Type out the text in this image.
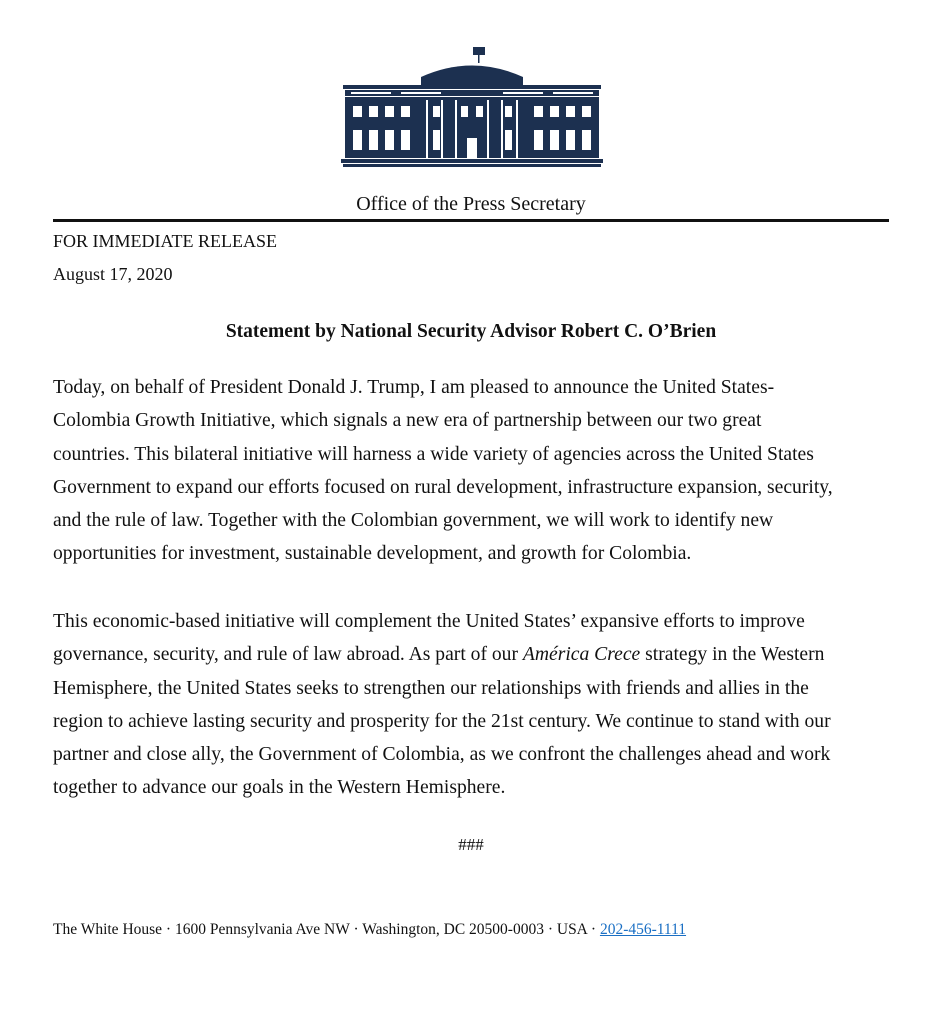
Office of the Press Secretary
FOR IMMEDIATE RELEASE
August 17, 2020
Statement by National Security Advisor Robert C. O’Brien

Today, on behalf of President Donald J. Trump, I am pleased to announce the United States-
Colombia Growth Initiative, which signals a new era of partnership between our two great
countries. This bilateral initiative will harness a wide variety of agencies across the United States
Government to expand our efforts focused on rural development, infrastructure expansion, security,
and the rule of law. Together with the Colombian government, we will work to identify new
opportunities for investment, sustainable development, and growth for Colombia.

This economic-based initiative will complement the United States’ expansive efforts to improve
governance, security, and rule of law abroad. As part of our América Crece strategy in the Western
Hemisphere, the United States seeks to strengthen our relationships with friends and allies in the
region to achieve lasting security and prosperity for the 21st century. We continue to stand with our
partner and close ally, the Government of Colombia, as we confront the challenges ahead and work
together to advance our goals in the Western Hemisphere.

###
The White House · 1600 Pennsylvania Ave NW · Washington, DC 20500-0003 · USA · 202-456-1111
